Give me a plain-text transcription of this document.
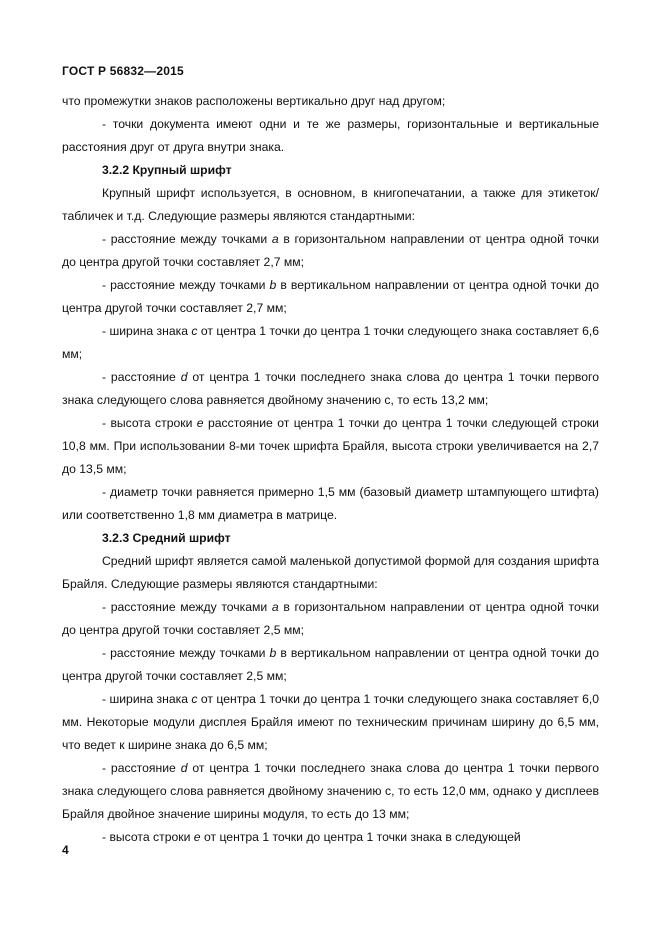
ГОСТ Р 56832—2015

что промежутки знаков расположены вертикально друг над другом;

- точки документа имеют одни и те же размеры, горизонтальные и вертикальные расстояния друг от друга внутри знака.

3.2.2 Крупный шрифт

Крупный шрифт используется, в основном, в книгопечатании, а также для этикеток/табличек и т.д. Следующие размеры являются стандартными:

- расстояние между точками a в горизонтальном направлении от центра одной точки до центра другой точки составляет 2,7 мм;

- расстояние между точками b в вертикальном направлении от центра одной точки до центра другой точки составляет 2,7 мм;

- ширина знака с от центра 1 точки до центра 1 точки следующего знака составляет 6,6 мм;

- расстояние d от центра 1 точки последнего знака слова до центра 1 точки первого знака следующего слова равняется двойному значению с, то есть 13,2 мм;

- высота строки e расстояние от центра 1 точки до центра 1 точки следующей строки 10,8 мм. При использовании 8-ми точек шрифта Брайля, высота строки увеличивается на 2,7 до 13,5 мм;

- диаметр точки равняется примерно 1,5 мм (базовый диаметр штампующего штифта) или соответственно 1,8 мм диаметра в матрице.

3.2.3 Средний шрифт

Средний шрифт является самой маленькой допустимой формой для создания шрифта Брайля. Следующие размеры являются стандартными:

- расстояние между точками a в горизонтальном направлении от центра одной точки до центра другой точки составляет 2,5 мм;

- расстояние между точками b в вертикальном направлении от центра одной точки до центра другой точки составляет 2,5 мм;

- ширина знака с от центра 1 точки до центра 1 точки следующего знака составляет 6,0 мм. Некоторые модули дисплея Брайля имеют по техническим причинам ширину до 6,5 мм, что ведет к ширине знака до 6,5 мм;

- расстояние d от центра 1 точки последнего знака слова до центра 1 точки первого знака следующего слова равняется двойному значению с, то есть 12,0 мм, однако у дисплеев Брайля двойное значение ширины модуля, то есть до 13 мм;

- высота строки e от центра 1 точки до центра 1 точки знака в следующей

4
